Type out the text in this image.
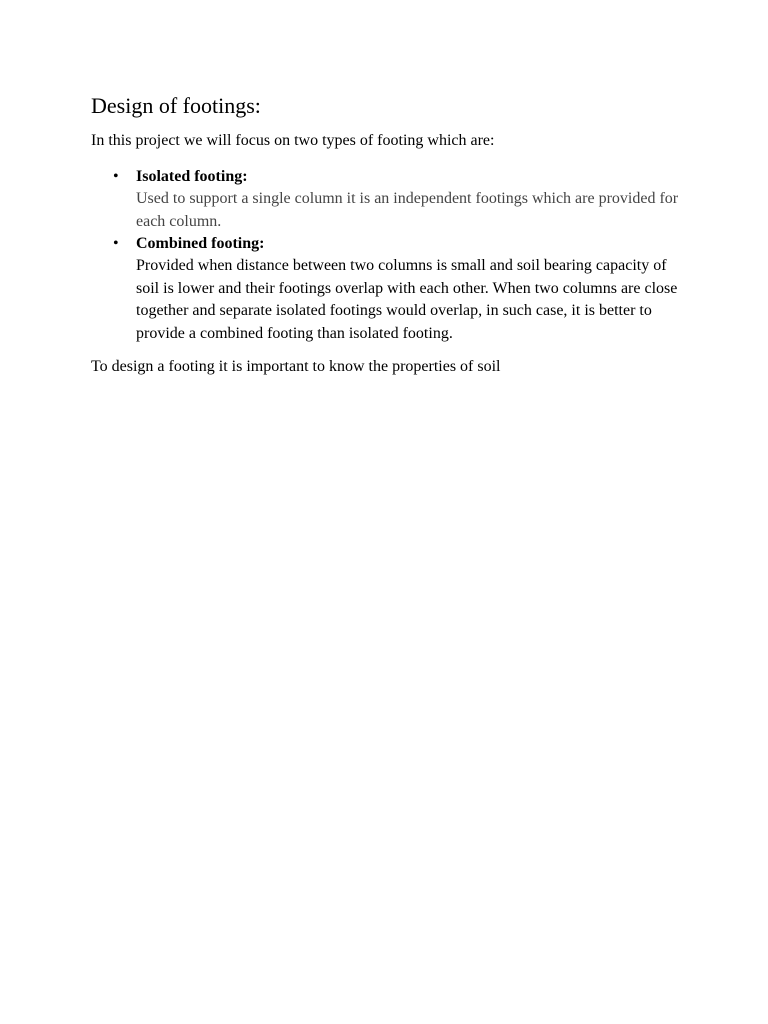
Design of footings:

In this project we will focus on two types of footing which are:

• Isolated footing:
Used to support a single column it is an independent footings which are provided for each column.
• Combined footing:
Provided when distance between two columns is small and soil bearing capacity of soil is lower and their footings overlap with each other. When two columns are close together and separate isolated footings would overlap, in such case, it is better to provide a combined footing than isolated footing.

To design a footing it is important to know the properties of soil
